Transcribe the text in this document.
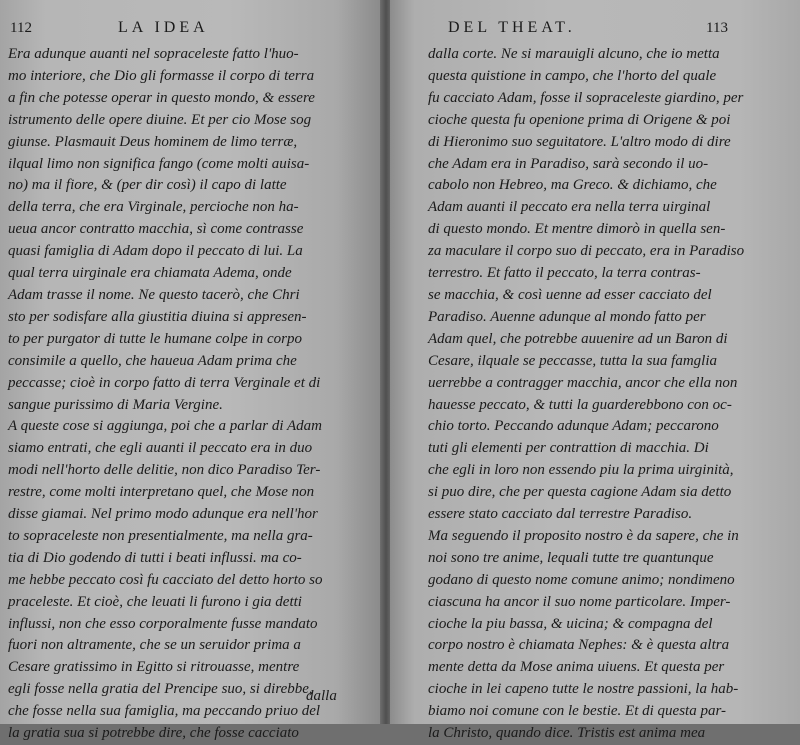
112	LA IDEA
Era adunque auanti nel sopraceleste fatto l'huo-
mo interiore, che Dio gli formasse il corpo di terra
a fin che potesse operar in questo mondo, & essere
istrumento delle opere diuine. Et per cio Mose sog
giunse. Plasmauit Deus hominem de limo terræ,
ilqual limo non significa fango (come molti auisa-
no) ma il fiore, & (per dir così) il capo di latte
della terra, che era Virginale, percioche non ha-
ueua ancor contratto macchia, sì come contrasse
quasi famiglia di Adam dopo il peccato di lui. La
qual terra uirginale era chiamata Adema, onde
Adam trasse il nome. Ne questo tacerò, che Chri
sto per sodisfare alla giustitia diuina si appresen-
to per purgator di tutte le humane colpe in corpo
consimile a quello, che haueua Adam prima che
peccasse; cioè in corpo fatto di terra Verginale et di
sangue purissimo di Maria Vergine.
A queste cose si aggiunga, poi che a parlar di Adam
siamo entrati, che egli auanti il peccato era in duo
modi nell'horto delle delitie, non dico Paradiso Ter-
restre, come molti interpretano quel, che Mose non
disse giamai. Nel primo modo adunque era nell'hor
to sopraceleste non presentialmente, ma nella gra-
tia di Dio godendo di tutti i beati influssi. ma co-
me hebbe peccato così fu cacciato del detto horto so
praceleste. Et cioè, che leuati li furono i gia detti
influssi, non che esso corporalmente fusse mandato
fuori non altramente, che se un seruidor prima a
Cesare gratissimo in Egitto si ritrouasse, mentre
egli fosse nella gratia del Prencipe suo, si direbbe,
che fosse nella sua famiglia, ma peccando priuo del
la gratia sua si potrebbe dire, che fosse cacciato
dalla
DEL THEAT.	113
dalla corte. Ne si marauigli alcuno, che io metta
questa quistione in campo, che l'horto del quale
fu cacciato Adam, fosse il sopraceleste giardino, per
cioche questa fu openione prima di Origene & poi
di Hieronimo suo seguitatore. L'altro modo di dire
che Adam era in Paradiso, sarà secondo il uo-
cabolo non Hebreo, ma Greco. & dichiamo, che
Adam auanti il peccato era nella terra uirginal
di questo mondo. Et mentre dimorò in quella sen-
za maculare il corpo suo di peccato, era in Paradiso
terrestro. Et fatto il peccato, la terra contras-
se macchia, & così uenne ad esser cacciato del
Paradiso. Auenne adunque al mondo fatto per
Adam quel, che potrebbe auuenire ad un Baron di
Cesare, ilquale se peccasse, tutta la sua famglia
uerrebbe a contragger macchia, ancor che ella non
hauesse peccato, & tutti la guarderebbono con oc-
chio torto. Peccando adunque Adam; peccarono
tuti gli elementi per contrattion di macchia. Di
che egli in loro non essendo piu la prima uirginità,
si puo dire, che per questa cagione Adam sia detto
essere stato cacciato dal terrestre Paradiso.
Ma seguendo il proposito nostro è da sapere, che in
noi sono tre anime, lequali tutte tre quantunque
godano di questo nome comune animo; nondimeno
ciascuna ha ancor il suo nome particolare. Imper-
cioche la piu bassa, & uicina; & compagna del
corpo nostro è chiamata Nephes: & è questa altra
mente detta da Mose anima uiuens. Et questa per
cioche in lei capeno tutte le nostre passioni, la hab-
biamo noi comune con le bestie. Et di questa par-
la Christo, quando dice. Tristis est anima mea
